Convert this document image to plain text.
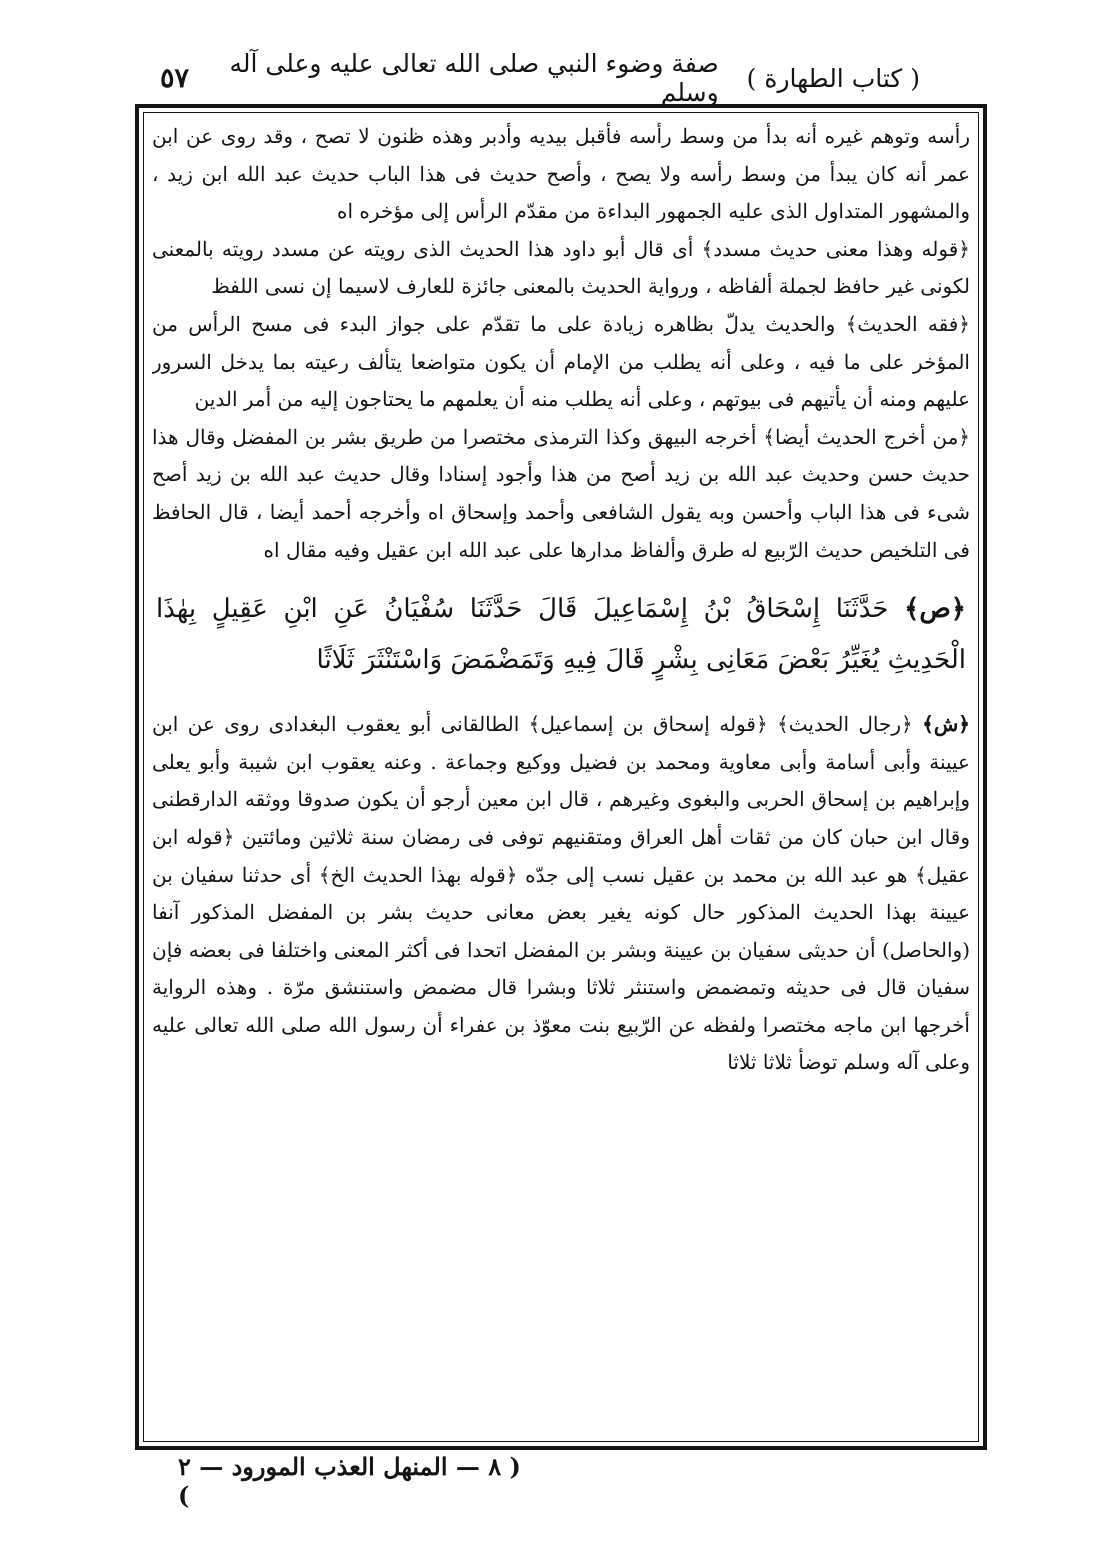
( كتاب الطهارة )
صفة وضوء النبي صلى الله تعالى عليه وعلى آله وسلم
٥٧

رأسه وتوهم غيره أنه بدأ من وسط رأسه فأقبل بيديه وأدبر وهذه ظنون لا تصح ، وقد روى عن ابن عمر أنه كان يبدأ من وسط رأسه ولا يصح ، وأصح حديث فى هذا الباب حديث عبد الله ابن زيد ، والمشهور المتداول الذى عليه الجمهور البداءة من مقدّم الرأس إلى مؤخره اه

﴿قوله وهذا معنى حديث مسدد﴾ أى قال أبو داود هذا الحديث الذى رويته عن مسدد رويته بالمعنى لكونى غير حافظ لجملة ألفاظه ، ورواية الحديث بالمعنى جائزة للعارف لاسيما إن نسى اللفظ

﴿فقه الحديث﴾ والحديث يدلّ بظاهره زيادة على ما تقدّم على جواز البدء فى مسح الرأس من المؤخر على ما فيه ، وعلى أنه يطلب من الإمام أن يكون متواضعا يتألف رعيته بما يدخل السرور عليهم ومنه أن يأتيهم فى بيوتهم ، وعلى أنه يطلب منه أن يعلمهم ما يحتاجون إليه من أمر الدين

﴿من أخرج الحديث أيضا﴾ أخرجه البيهق وكذا الترمذى مختصرا من طريق بشر بن المفضل وقال هذا حديث حسن وحديث عبد الله بن زيد أصح من هذا وأجود إسنادا وقال حديث عبد الله بن زيد أصح شىء فى هذا الباب وأحسن وبه يقول الشافعى وأحمد وإسحاق اه وأخرجه أحمد أيضا ، قال الحافظ فى التلخيص حديث الرّبيع له طرق وألفاظ مدارها على عبد الله ابن عقيل وفيه مقال اه

﴿ص﴾ حَدَّثَنَا إِسْحَاقُ بْنُ إِسْمَاعِيلَ قَالَ حَدَّثَنَا سُفْيَانُ عَنِ ابْنِ عَقِيلٍ بِهٰذَا الْحَدِيثِ يُغَيِّرُ بَعْضَ مَعَانِى بِشْرٍ قَالَ فِيهِ وَتَمَضْمَضَ وَاسْتَنْثَرَ ثَلَاثًا

﴿ش﴾ ﴿رجال الحديث﴾ ﴿قوله إسحاق بن إسماعيل﴾ الطالقانى أبو يعقوب البغدادى روى عن ابن عيينة وأبى أسامة وأبى معاوية ومحمد بن فضيل ووكيع وجماعة . وعنه يعقوب ابن شيبة وأبو يعلى وإبراهيم بن إسحاق الحربى والبغوى وغيرهم ، قال ابن معين أرجو أن يكون صدوقا ووثقه الدارقطنى وقال ابن حبان كان من ثقات أهل العراق ومتقنيهم توفى فى رمضان سنة ثلاثين ومائتين ﴿قوله ابن عقيل﴾ هو عبد الله بن محمد بن عقيل نسب إلى جدّه ﴿قوله بهذا الحديث الخ﴾ أى حدثنا سفيان بن عيينة بهذا الحديث المذكور حال كونه يغير بعض معانى حديث بشر بن المفضل المذكور آنفا (والحاصل) أن حديثى سفيان بن عيينة وبشر بن المفضل اتحدا فى أكثر المعنى واختلفا فى بعضه فإن سفيان قال فى حديثه وتمضمض واستنثر ثلاثا وبشرا قال مضمض واستنشق مرّة . وهذه الرواية أخرجها ابن ماجه مختصرا ولفظه عن الرّبيع بنت معوّذ بن عفراء أن رسول الله صلى الله تعالى عليه وعلى آله وسلم توضأ ثلاثا ثلاثا

( ٨ — المنهل العذب المورود — ٢ )
